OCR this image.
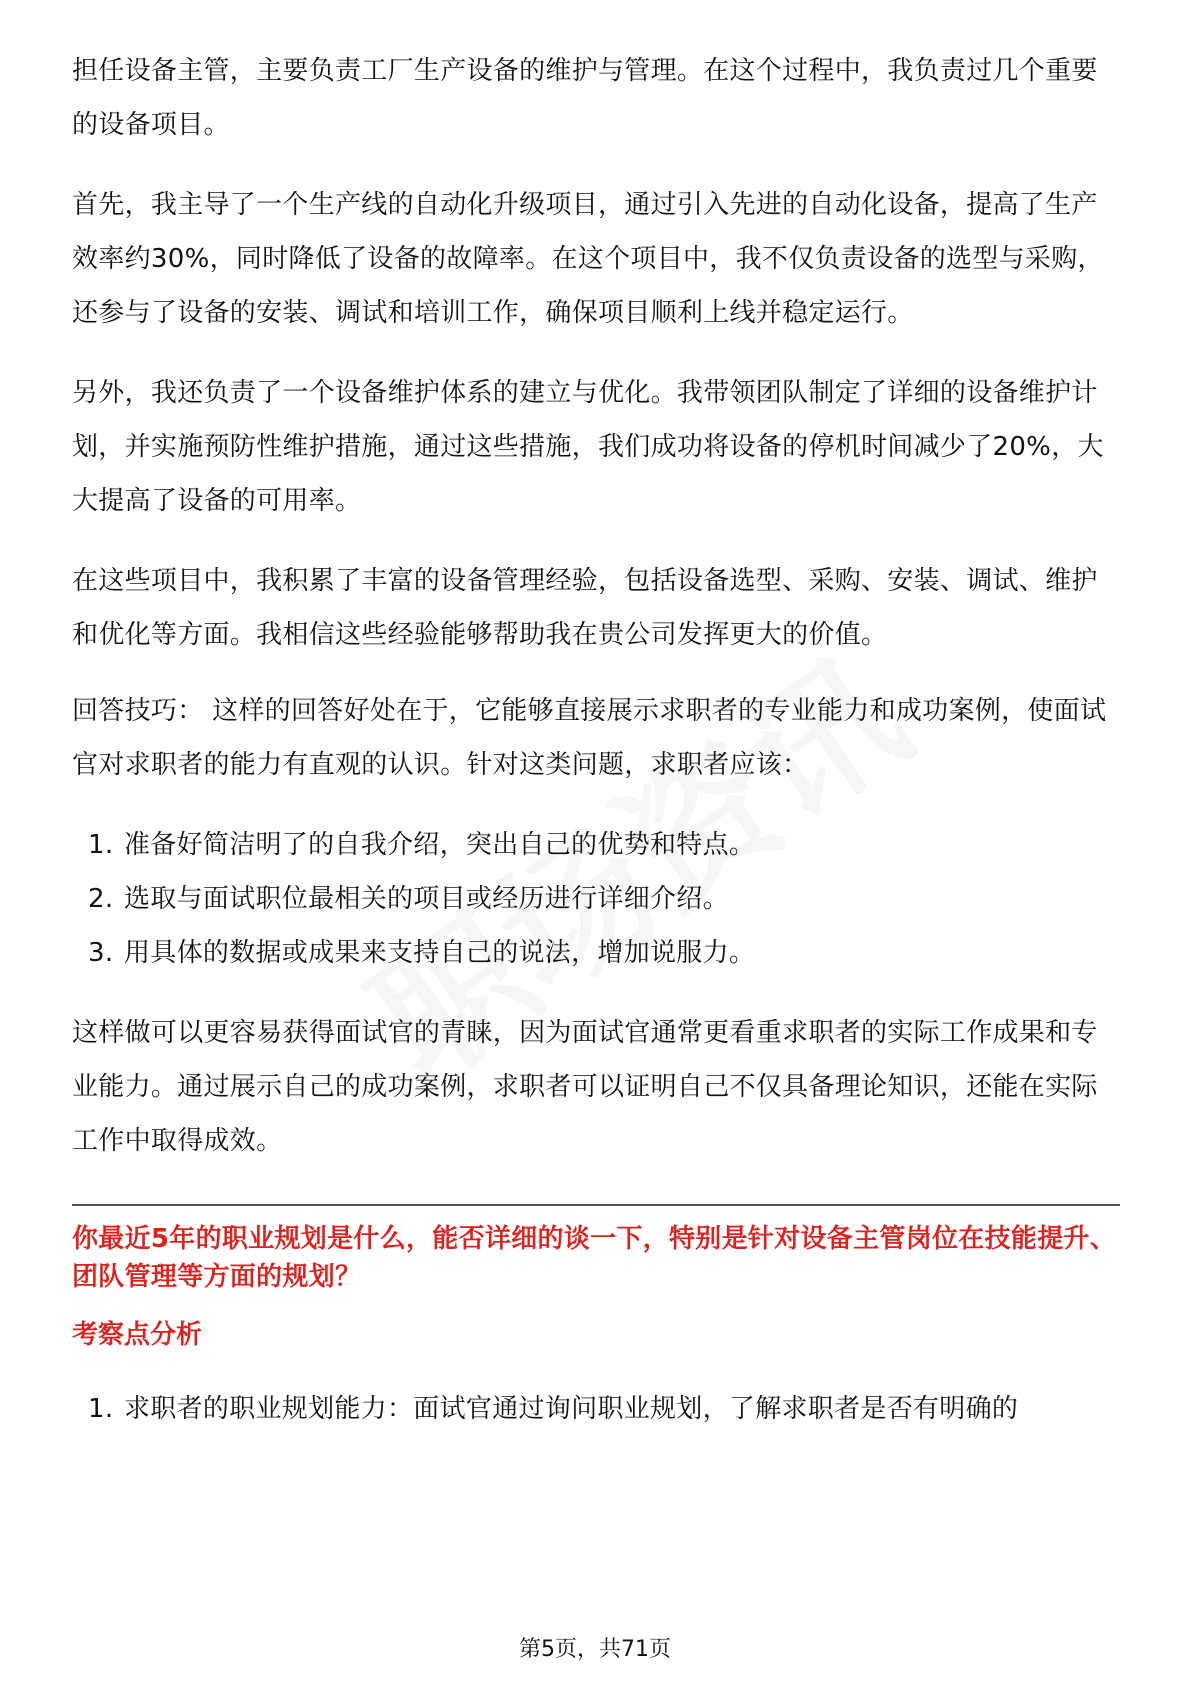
担任设备主管，主要负责工厂生产设备的维护与管理。在这个过程中，我负责过几个重要的设备项目。

首先，我主导了一个生产线的自动化升级项目，通过引入先进的自动化设备，提高了生产效率约30%，同时降低了设备的故障率。在这个项目中，我不仅负责设备的选型与采购，还参与了设备的安装、调试和培训工作，确保项目顺利上线并稳定运行。

另外，我还负责了一个设备维护体系的建立与优化。我带领团队制定了详细的设备维护计划，并实施预防性维护措施，通过这些措施，我们成功将设备的停机时间减少了20%，大大提高了设备的可用率。

在这些项目中，我积累了丰富的设备管理经验，包括设备选型、采购、安装、调试、维护和优化等方面。我相信这些经验能够帮助我在贵公司发挥更大的价值。

回答技巧： 这样的回答好处在于，它能够直接展示求职者的专业能力和成功案例，使面试官对求职者的能力有直观的认识。针对这类问题，求职者应该：

1. 准备好简洁明了的自我介绍，突出自己的优势和特点。
2. 选取与面试职位最相关的项目或经历进行详细介绍。
3. 用具体的数据或成果来支持自己的说法，增加说服力。

这样做可以更容易获得面试官的青睐，因为面试官通常更看重求职者的实际工作成果和专业能力。通过展示自己的成功案例，求职者可以证明自己不仅具备理论知识，还能在实际工作中取得成效。

你最近5年的职业规划是什么，能否详细的谈一下，特别是针对设备主管岗位在技能提升、团队管理等方面的规划？

考察点分析

1. 求职者的职业规划能力：面试官通过询问职业规划，了解求职者是否有明确的
第5页，共71页
